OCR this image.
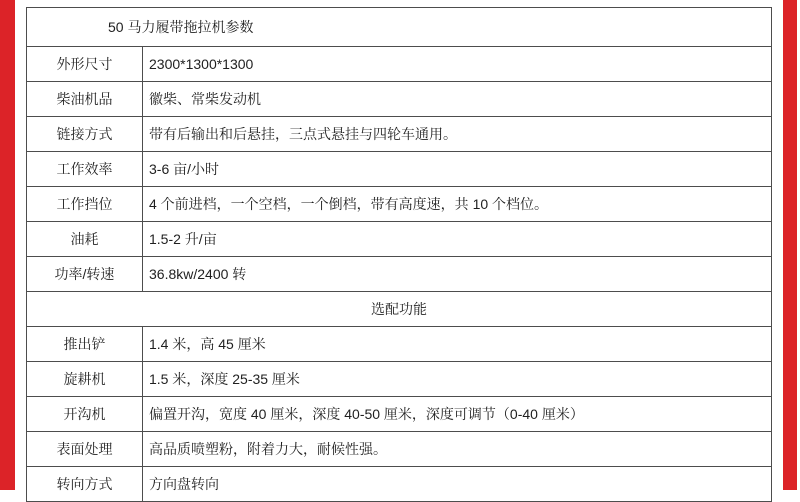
50 马力履带拖拉机参数
外形尺寸	2300*1300*1300
柴油机品	徽柴、常柴发动机
链接方式	带有后输出和后悬挂，三点式悬挂与四轮车通用。
工作效率	3-6 亩/小时
工作挡位	4 个前进档，一个空档，一个倒档，带有高度速，共 10 个档位。
油耗	1.5-2 升/亩
功率/转速	36.8kw/2400 转
选配功能
推出铲	1.4 米，高 45 厘米
旋耕机	1.5 米，深度 25-35 厘米
开沟机	偏置开沟，宽度 40 厘米，深度 40-50 厘米，深度可调节（0-40 厘米）
表面处理	高品质喷塑粉，附着力大，耐候性强。
转向方式	方向盘转向
